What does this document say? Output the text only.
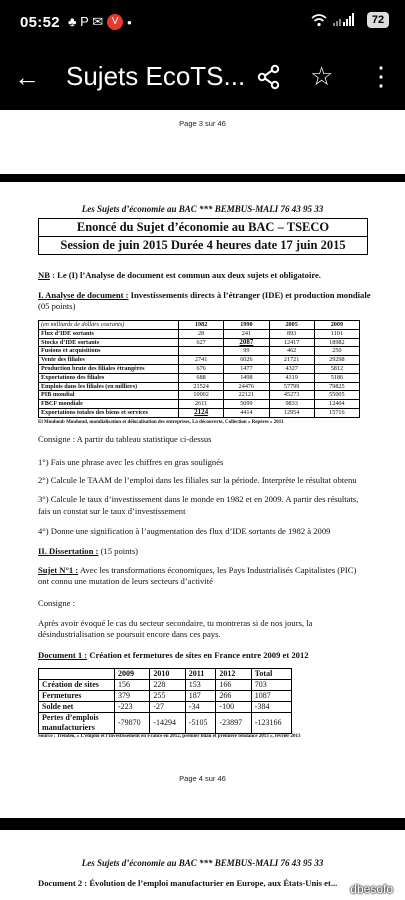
05:52 ♣ P ✉ V •	72
← Sujets EcoTS... ☆ ⋮
Page 3 sur 46
Les Sujets d’économie au BAC *** BEMBUS-MALI 76 43 95 33
Enoncé du Sujet d’économie au BAC – TSECO
Session de juin 2015 Durée 4 heures date 17 juin 2015
NB : Le (I) l’Analyse de document est commun aux deux sujets et obligatoire.
I. Analyse de document : Investissements directs à l’étranger (IDE) et production mondiale (05 points)
(en milliards de dollars courants)	1982	1990	2005	2009
Flux d’IDE sortants	28	241	893	1101
Stocks d’IDE sortants	627	2087	12417	18982
Fusions et acquisitions		99	462	250
Vente des filiales	2741	6026	21721	29298
Production brute des filiales étrangères	676	1477	4327	5812
Exportations des filiales	688	1498	4319	5186
Emplois dans les filiales (en milliers)	21524	24476	57799	79825
PIB mondial	10002	22121	45273	55005
FBCF mondiale	2611	5099	9833	12404
Exportations totales des biens et services	2124	4414	12954	15716
El Mouhoub Mouhoud, mondialisation et délocalisation des entreprises, La découverte, Collection « Repères » 2011
Consigne : A partir du tableau statistique ci-dessus
1°) Fais une phrase avec les chiffres en gras soulignés
2°) Calcule le TAAM de l’emploi dans les filiales sur la période. Interprète le résultat obtenu
3°) Calcule le taux d’investissement dans le monde en 1982 et en 2009. A partir des résultats,
fais un constat sur le taux d’investissement
4°) Donne une signification à l’augmentation des flux d’IDE sortants de 1982 à 2009
II. Dissertation : (15 points)
Sujet N°1 : Avec les transformations économiques, les Pays Industrialisés Capitalistes (PIC)
ont connu une mutation de leurs secteurs d’activité
Consigne :
Après avoir évoqué le cas du secteur secondaire, tu montreras si de nos jours, la
désindustrialisation se poursuit encore dans ces pays.
Document 1 : Création et fermetures de sites en France entre 2009 et 2012
	2009	2010	2011	2012	Total
Création de sites	156	228	153	166	703
Fermetures	379	255	187	266	1087
Solde net	-223	-27	-34	-100	-384
Pertes d’emplois manufacturiers	-79870	-14294	-5105	-23897	-123166
Source : Trendeo, « L’emploi et l’investissement en France en 2012, premier bilan et première tendance 2013 », février 2013
Page 4 sur 46
Les Sujets d’économie au BAC *** BEMBUS-MALI 76 43 95 33
Document 2 : Évolution de l’emploi manufacturier en Europe, aux États-Unis et...	dbesofo
